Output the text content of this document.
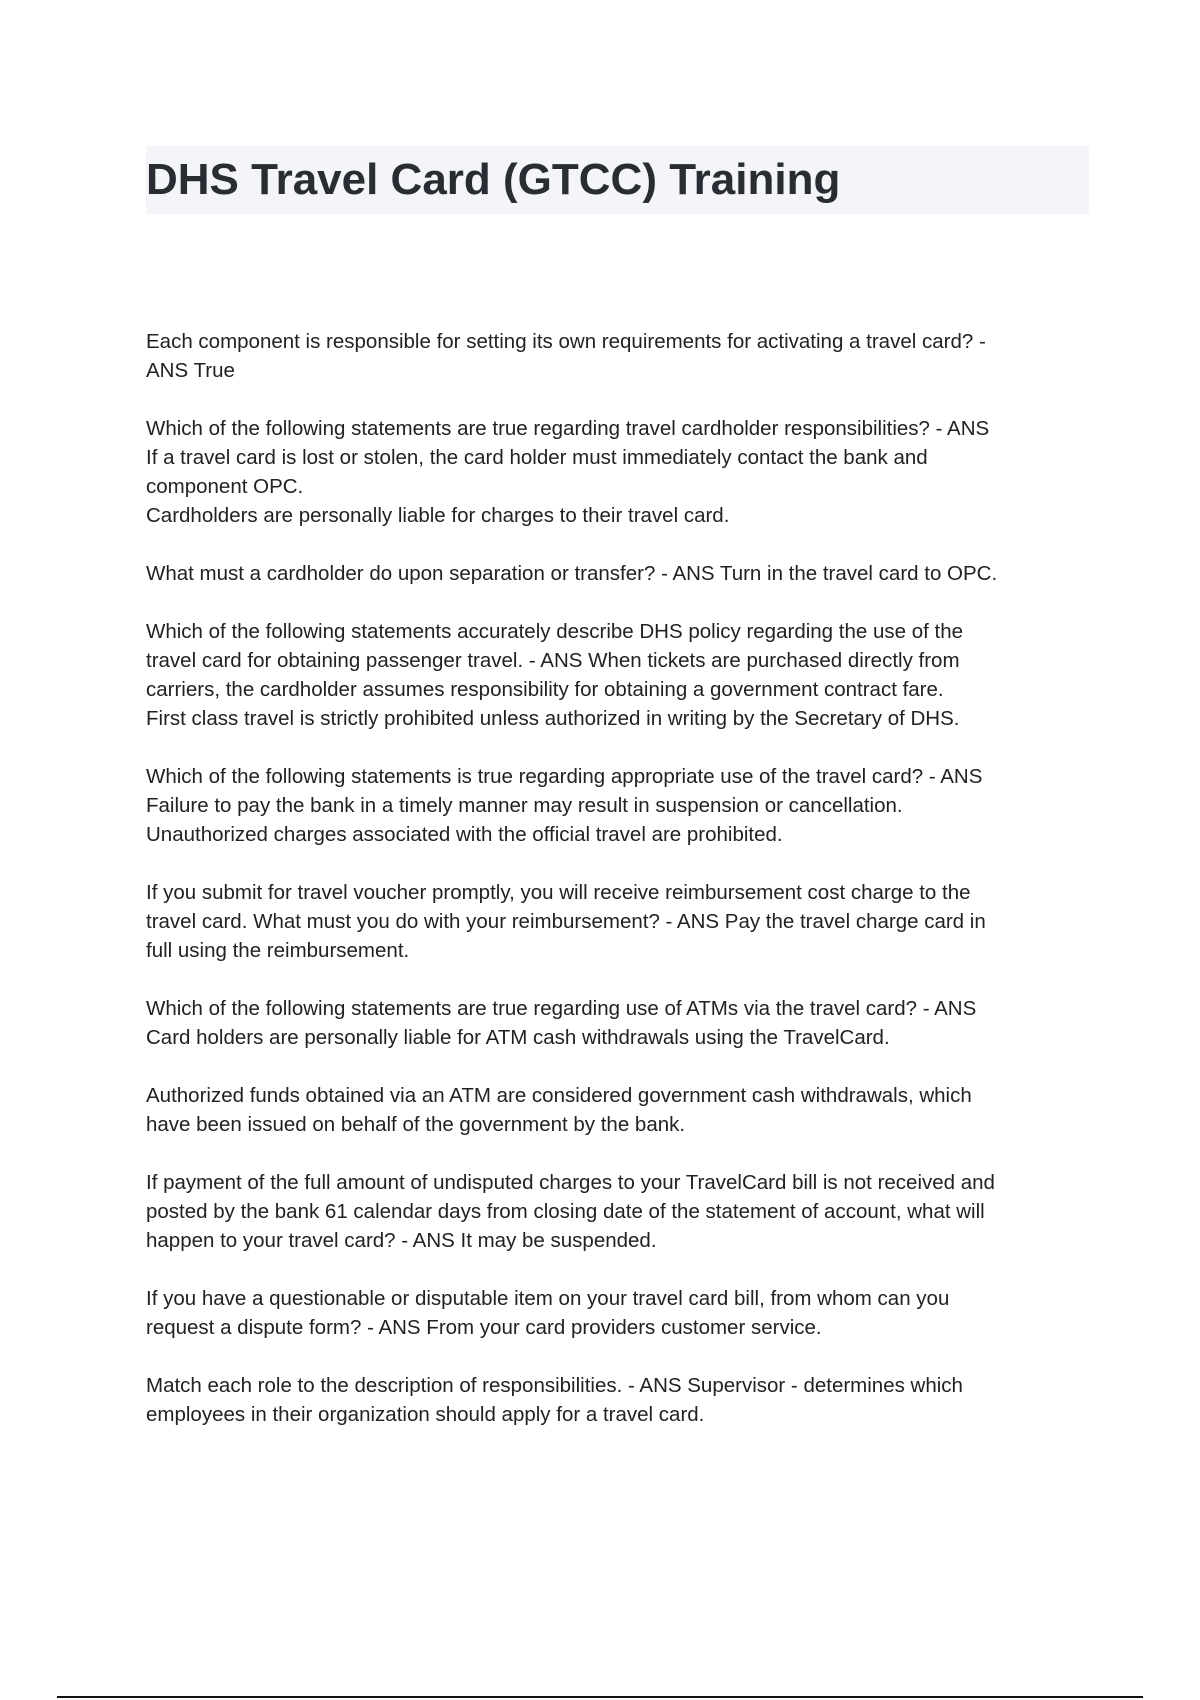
DHS Travel Card (GTCC) Training

Each component is responsible for setting its own requirements for activating a travel card? -
ANS True

Which of the following statements are true regarding travel cardholder responsibilities? - ANS
If a travel card is lost or stolen, the card holder must immediately contact the bank and
component OPC.
Cardholders are personally liable for charges to their travel card.

What must a cardholder do upon separation or transfer? - ANS Turn in the travel card to OPC.

Which of the following statements accurately describe DHS policy regarding the use of the
travel card for obtaining passenger travel. - ANS When tickets are purchased directly from
carriers, the cardholder assumes responsibility for obtaining a government contract fare.
First class travel is strictly prohibited unless authorized in writing by the Secretary of DHS.

Which of the following statements is true regarding appropriate use of the travel card? - ANS
Failure to pay the bank in a timely manner may result in suspension or cancellation.
Unauthorized charges associated with the official travel are prohibited.

If you submit for travel voucher promptly, you will receive reimbursement cost charge to the
travel card. What must you do with your reimbursement? - ANS Pay the travel charge card in
full using the reimbursement.

Which of the following statements are true regarding use of ATMs via the travel card? - ANS
Card holders are personally liable for ATM cash withdrawals using the TravelCard.

Authorized funds obtained via an ATM are considered government cash withdrawals, which
have been issued on behalf of the government by the bank.

If payment of the full amount of undisputed charges to your TravelCard bill is not received and
posted by the bank 61 calendar days from closing date of the statement of account, what will
happen to your travel card? - ANS It may be suspended.

If you have a questionable or disputable item on your travel card bill, from whom can you
request a dispute form? - ANS From your card providers customer service.

Match each role to the description of responsibilities. - ANS Supervisor - determines which
employees in their organization should apply for a travel card.
